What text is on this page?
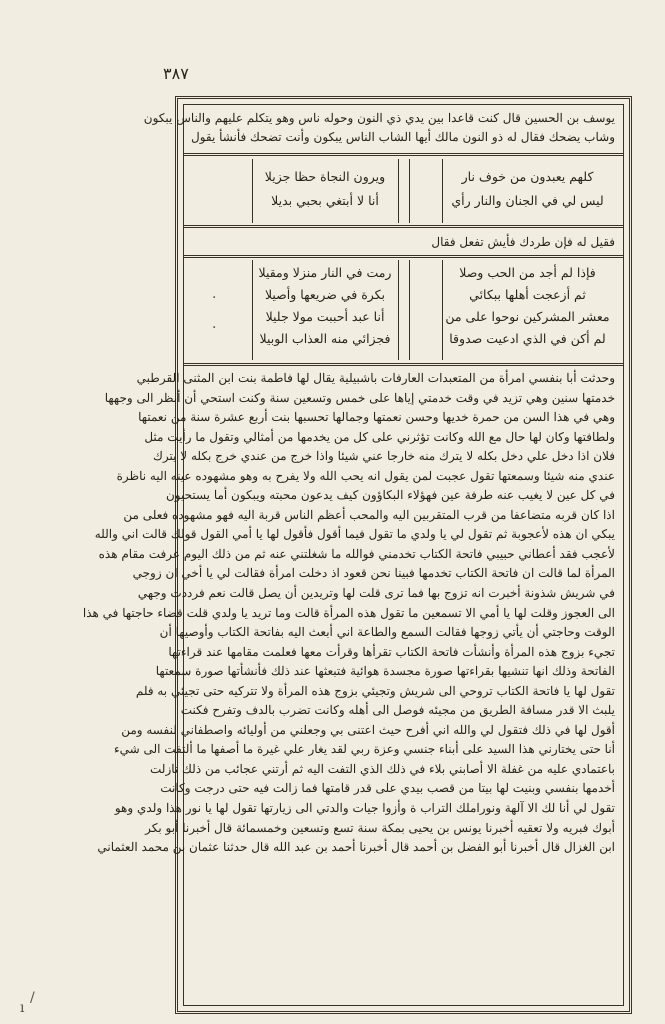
٣٨٧

يوسف بن الحسين قال كنت قاعدا بين يدي ذي النون وحوله ناس وهو يتكلم عليهم والناس يبكون

وشاب يضحك فقال له ذو النون مالك أيها الشاب الناس يبكون وأنت تضحك فأنشأ يقول

كلهم يعبدون من خوف نار

ليس لي في الجنان والنار رأي

ويرون النجاة حظا جزيلا

أنا لا أبتغي بحبي بديلا

فقيل له فإن طردك فأيش تفعل فقال

فإذا لم أجد من الحب وصلا

ثم أزعجت أهلها ببكائي

معشر المشركين نوحوا على من

لم أكن في الذي ادعيت صدوقا

رمت في النار منزلا ومقيلا

بكرة في ضريعها وأصيلا

أنا عبد أحببت مولا جليلا

فجزائي منه العذاب الوبيلا

وحدثت أبا بنفسي امرأة من المتعبدات العارفات باشبيلية يقال لها فاطمة بنت ابن المثنى القرطبي

خدمتها سنين وهي تزيد في وقت خدمتي إياها على خمس وتسعين سنة وكنت استحي أن أنظر الى وجهها

وهي في هذا السن من حمرة خديها وحسن نعمتها وجمالها تحسبها بنت أربع عشرة سنة من نعمتها

ولطافتها وكان لها حال مع الله وكانت تؤثرني على كل من يخدمها من أمثالي وتقول ما رأيت مثل

فلان اذا دخل علي دخل بكله لا يترك منه خارجا عني شيئا واذا خرج من عندي خرج بكله لا يترك

عندي منه شيئا وسمعتها تقول عجبت لمن يقول انه يحب الله ولا يفرح به وهو مشهوده عينه اليه ناظرة

في كل عين لا يغيب عنه طرفة عين فهؤلاء البكاؤون كيف يدعون محبته ويبكون أما يستحيون

اذا كان قربه متضاعفا من قرب المتقربين اليه والمحب أعظم الناس قربة اليه فهو مشهوده فعلى من

يبكي ان هذه لأعجوبة ثم تقول لي يا ولدي ما تقول فيما أقول فأقول لها يا أمي القول قولك قالت اني والله

لأعجب فقد أعطاني حبيبي فاتحة الكتاب تخدمني فوالله ما شغلتني عنه ثم من ذلك اليوم عرفت مقام هذه

المرأة لما قالت ان فاتحة الكتاب تخدمها فبينا نحن قعود اذ دخلت امرأة فقالت لي يا أخي ان زوجي

في شريش شذونة أخبرت انه تزوج بها فما ترى قلت لها وتريدين أن يصل قالت نعم فرددت وجهي

الى العجوز وقلت لها يا أمي الا تسمعين ما تقول هذه المرأة قالت وما تريد يا ولدي قلت قضاء حاجتها في هذا

الوقت وحاجتي أن يأتي زوجها فقالت السمع والطاعة اني أبعث اليه بفاتحة الكتاب وأوصيها أن

تجيء بزوج هذه المرأة وأنشأت فاتحة الكتاب تقرأها وقرأت معها فعلمت مقامها عند قراءتها

الفاتحة وذلك انها تنشيها بقراءتها صورة مجسدة هوائية فتبعثها عند ذلك فأنشأتها صورة سمعتها

تقول لها يا فاتحة الكتاب تروحي الى شريش وتجيئي بزوج هذه المرأة ولا تتركيه حتى تجيئي به فلم

يلبث الا قدر مسافة الطريق من مجيئه فوصل الى أهله وكانت تضرب بالدف وتفرح فكنت

أقول لها في ذلك فتقول لي والله اني أفرح حيث اعتنى بي وجعلني من أوليائه واصطفاني لنفسه ومن

أنا حتى يختارني هذا السيد على أبناء جنسي وعزة ربي لقد يغار علي غيرة ما أصفها ما ألتفت الى شيء

باعتمادي عليه من غفلة الا أصابني بلاء في ذلك الذي التفت اليه ثم أرتني عجائب من ذلك نازلت

أخدمها بنفسي وبنيت لها بيتا من قصب بيدي على قدر قامتها فما زالت فيه حتى درجت وكانت

تقول لي أنا لك الا آلهة ونوراملك التراب ة وأزوا جيات والدتي الى زيارتها تقول لها يا نور هذا ولدي وهو

أبوك فبريه ولا تعقيه أخبرنا يونس بن يحيى بمكة سنة تسع وتسعين وخمسمائة قال أخبرنا أبو بكر

ابن الغزال قال أخبرنا أبو الفضل بن أحمد قال أخبرنا أحمد بن عبد الله قال حدثنا عثمان بن محمد العثماني

·
·
/
ı
